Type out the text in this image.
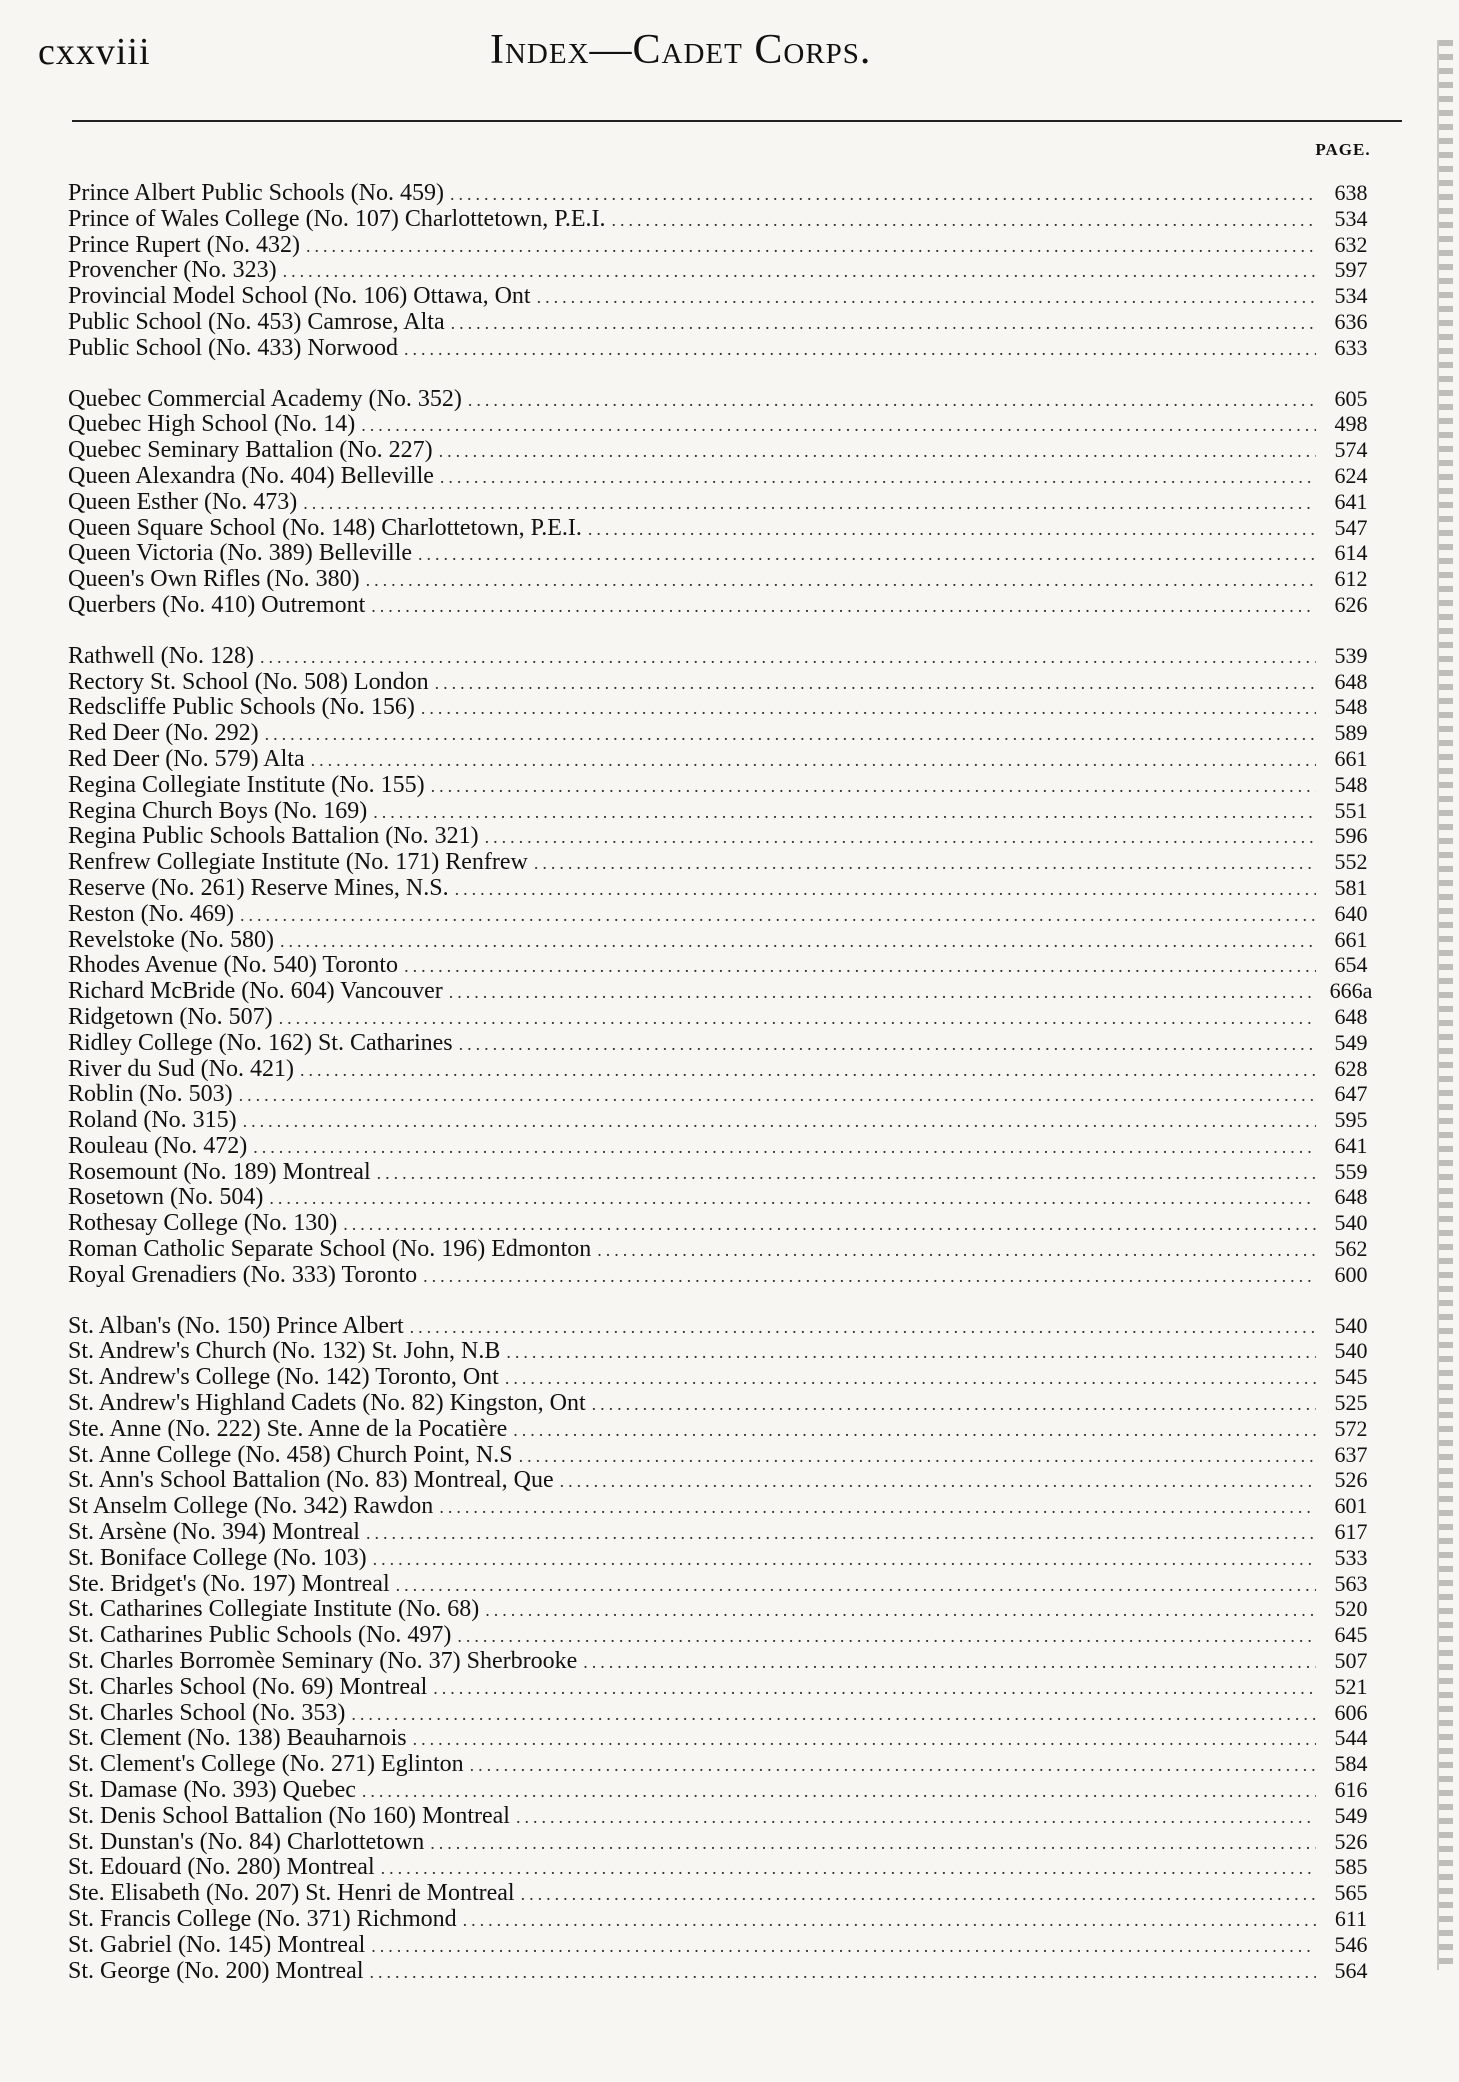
cxxviii	Index—Cadet Corps.
PAGE.
Prince Albert Public Schools (No. 459) .....	638
Prince of Wales College (No. 107) Charlottetown, P.E.I. .....	534
Prince Rupert (No. 432) .....	632
Provencher (No. 323) .....	597
Provincial Model School (No. 106) Ottawa, Ont .....	534
Public School (No. 453) Camrose, Alta .....	636
Public School (No. 433) Norwood .....	633
Quebec Commercial Academy (No. 352) .....	605
Quebec High School (No. 14) .....	498
Quebec Seminary Battalion (No. 227) .....	574
Queen Alexandra (No. 404) Belleville .....	624
Queen Esther (No. 473) .....	641
Queen Square School (No. 148) Charlottetown, P.E.I. .....	547
Queen Victoria (No. 389) Belleville .....	614
Queen's Own Rifles (No. 380) .....	612
Querbers (No. 410) Outremont .....	626
Rathwell (No. 128) .....	539
Rectory St. School (No. 508) London .....	648
Redscliffe Public Schools (No. 156) .....	548
Red Deer (No. 292) .....	589
Red Deer (No. 579) Alta .....	661
Regina Collegiate Institute (No. 155) .....	548
Regina Church Boys (No. 169) .....	551
Regina Public Schools Battalion (No. 321) .....	596
Renfrew Collegiate Institute (No. 171) Renfrew .....	552
Reserve (No. 261) Reserve Mines, N.S. .....	581
Reston (No. 469) .....	640
Revelstoke (No. 580) .....	661
Rhodes Avenue (No. 540) Toronto .....	654
Richard McBride (No. 604) Vancouver .....	666a
Ridgetown (No. 507) .....	648
Ridley College (No. 162) St. Catharines .....	549
River du Sud (No. 421) .....	628
Roblin (No. 503) .....	647
Roland (No. 315) .....	595
Rouleau (No. 472) .....	641
Rosemount (No. 189) Montreal .....	559
Rosetown (No. 504) .....	648
Rothesay College (No. 130) .....	540
Roman Catholic Separate School (No. 196) Edmonton .....	562
Royal Grenadiers (No. 333) Toronto .....	600
St. Alban's (No. 150) Prince Albert .....	540
St. Andrew's Church (No. 132) St. John, N.B .....	540
St. Andrew's College (No. 142) Toronto, Ont .....	545
St. Andrew's Highland Cadets (No. 82) Kingston, Ont .....	525
Ste. Anne (No. 222) Ste. Anne de la Pocatière .....	572
St. Anne College (No. 458) Church Point, N.S .....	637
St. Ann's School Battalion (No. 83) Montreal, Que .....	526
St Anselm College (No. 342) Rawdon .....	601
St. Arsène (No. 394) Montreal .....	617
St. Boniface College (No. 103) .....	533
Ste. Bridget's (No. 197) Montreal .....	563
St. Catharines Collegiate Institute (No. 68) .....	520
St. Catharines Public Schools (No. 497) .....	645
St. Charles Borromèe Seminary (No. 37) Sherbrooke .....	507
St. Charles School (No. 69) Montreal .....	521
St. Charles School (No. 353) .....	606
St. Clement (No. 138) Beauharnois .....	544
St. Clement's College (No. 271) Eglinton .....	584
St. Damase (No. 393) Quebec .....	616
St. Denis School Battalion (No 160) Montreal .....	549
St. Dunstan's (No. 84) Charlottetown .....	526
St. Edouard (No. 280) Montreal .....	585
Ste. Elisabeth (No. 207) St. Henri de Montreal .....	565
St. Francis College (No. 371) Richmond .....	611
St. Gabriel (No. 145) Montreal .....	546
St. George (No. 200) Montreal .....	564
